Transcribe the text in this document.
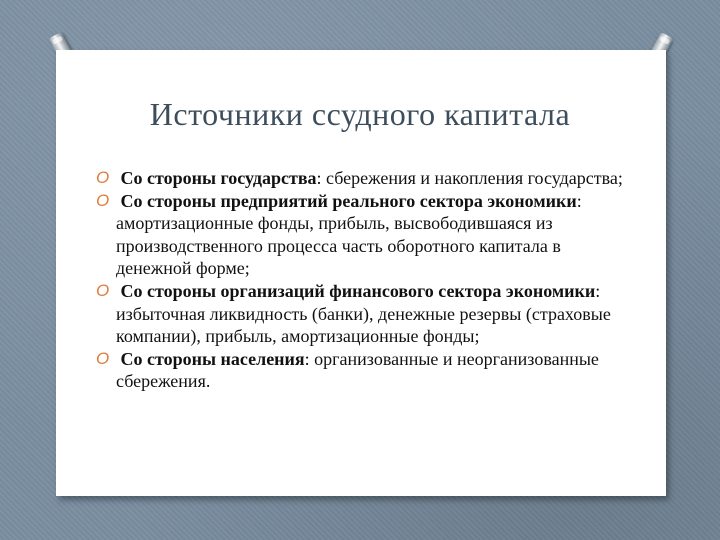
Источники ссудного капитала
O Со стороны государства: сбережения и накопления государства;
O Со стороны предприятий реального сектора экономики: амортизационные фонды, прибыль, высвободившаяся из производственного процесса часть оборотного капитала в денежной форме;
O Со стороны организаций финансового сектора экономики: избыточная ликвидность (банки), денежные резервы (страховые компании), прибыль, амортизационные фонды;
O Со стороны населения: организованные и неорганизованные сбережения.
